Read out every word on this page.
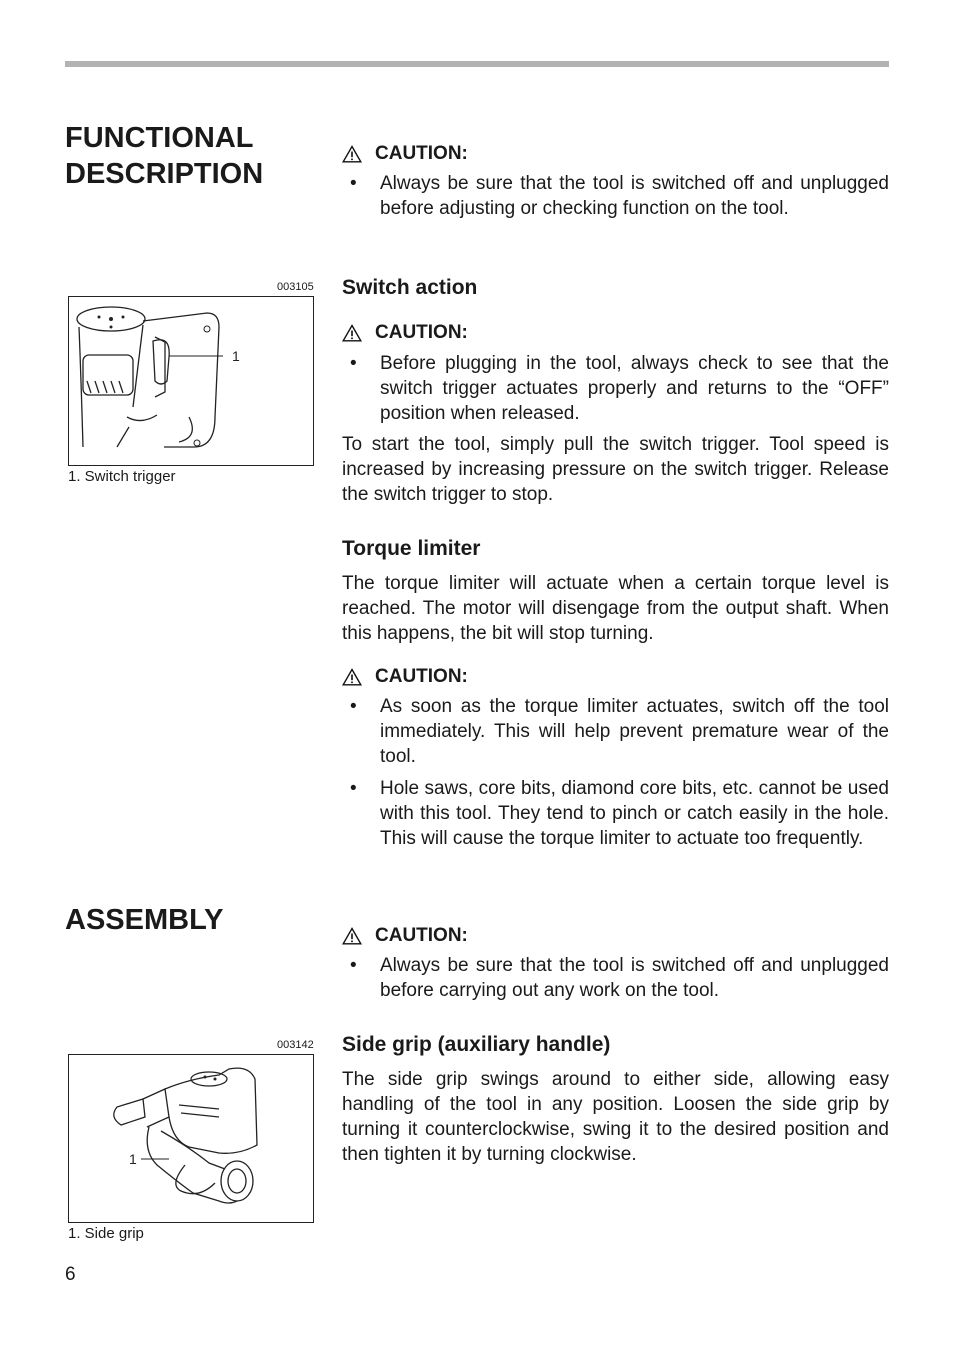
FUNCTIONAL
DESCRIPTION
CAUTION:
• Always be sure that the tool is switched off and unplugged before adjusting or checking function on the tool.
003105
1
1. Switch trigger
Switch action
CAUTION:
• Before plugging in the tool, always check to see that the switch trigger actuates properly and returns to the “OFF” position when released.

To start the tool, simply pull the switch trigger. Tool speed is increased by increasing pressure on the switch trigger. Release the switch trigger to stop.

Torque limiter

The torque limiter will actuate when a certain torque level is reached. The motor will disengage from the output shaft. When this happens, the bit will stop turning.

CAUTION:
• As soon as the torque limiter actuates, switch off the tool immediately. This will help prevent premature wear of the tool.
• Hole saws, core bits, diamond core bits, etc. cannot be used with this tool. They tend to pinch or catch easily in the hole. This will cause the torque limiter to actuate too frequently.
ASSEMBLY	CAUTION:
• Always be sure that the tool is switched off and unplugged before carrying out any work on the tool.
003142
1
1. Side grip
Side grip (auxiliary handle)

The side grip swings around to either side, allowing easy handling of the tool in any position. Loosen the side grip by turning it counterclockwise, swing it to the desired position and then tighten it by turning clockwise.

6
